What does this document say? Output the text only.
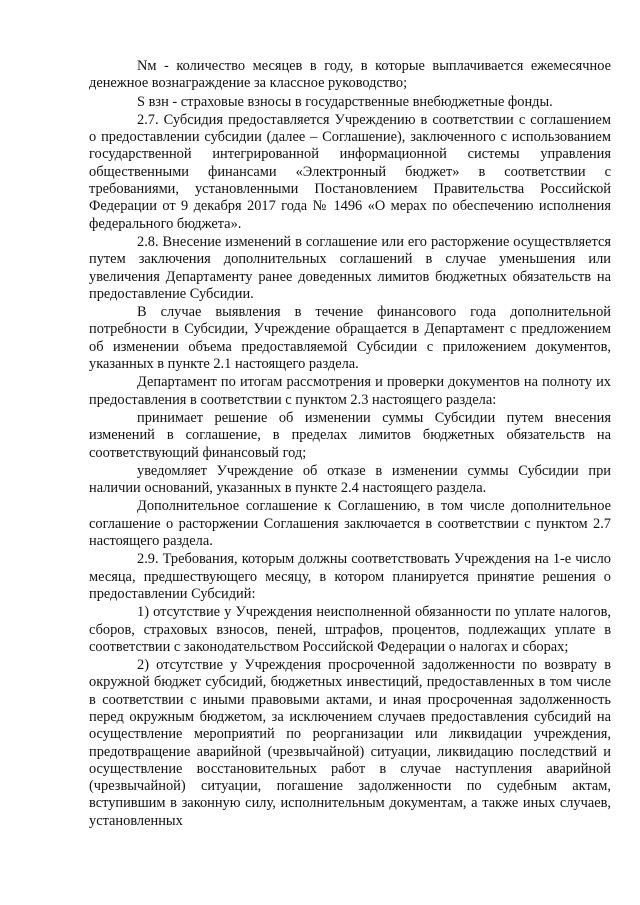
Nм - количество месяцев в году, в которые выплачивается ежемесячное денежное вознаграждение за классное руководство;

S взн - страховые взносы в государственные внебюджетные фонды.

2.7. Субсидия предоставляется Учреждению в соответствии с соглашением о предоставлении субсидии (далее – Соглашение), заключенного с использованием государственной интегрированной информационной системы управления общественными финансами «Электронный бюджет» в соответствии с требованиями, установленными Постановлением Правительства Российской Федерации от 9 декабря 2017 года № 1496 «О мерах по обеспечению исполнения федерального бюджета».

2.8. Внесение изменений в соглашение или его расторжение осуществляется путем заключения дополнительных соглашений в случае уменьшения или увеличения Департаменту ранее доведенных лимитов бюджетных обязательств на предоставление Субсидии.

В случае выявления в течение финансового года дополнительной потребности в Субсидии, Учреждение обращается в Департамент с предложением об изменении объема предоставляемой Субсидии с приложением документов, указанных в пункте 2.1 настоящего раздела.

Департамент по итогам рассмотрения и проверки документов на полноту их предоставления в соответствии с пунктом 2.3 настоящего раздела:

принимает решение об изменении суммы Субсидии путем внесения изменений в соглашение, в пределах лимитов бюджетных обязательств на соответствующий финансовый год;

уведомляет Учреждение об отказе в изменении суммы Субсидии при наличии оснований, указанных в пункте 2.4 настоящего раздела.

Дополнительное соглашение к Соглашению, в том числе дополнительное соглашение о расторжении Соглашения заключается в соответствии с пунктом 2.7 настоящего раздела.

2.9. Требования, которым должны соответствовать Учреждения на 1-е число месяца, предшествующего месяцу, в котором планируется принятие решения о предоставлении Субсидий:

1) отсутствие у Учреждения неисполненной обязанности по уплате налогов, сборов, страховых взносов, пеней, штрафов, процентов, подлежащих уплате в соответствии с законодательством Российской Федерации о налогах и сборах;

2) отсутствие у Учреждения просроченной задолженности по возврату в окружной бюджет субсидий, бюджетных инвестиций, предоставленных в том числе в соответствии с иными правовыми актами, и иная просроченная задолженность перед окружным бюджетом, за исключением случаев предоставления субсидий на осуществление мероприятий по реорганизации или ликвидации учреждения, предотвращение аварийной (чрезвычайной) ситуации, ликвидацию последствий и осуществление восстановительных работ в случае наступления аварийной (чрезвычайной) ситуации, погашение задолженности по судебным актам, вступившим в законную силу, исполнительным документам, а также иных случаев, установленных
